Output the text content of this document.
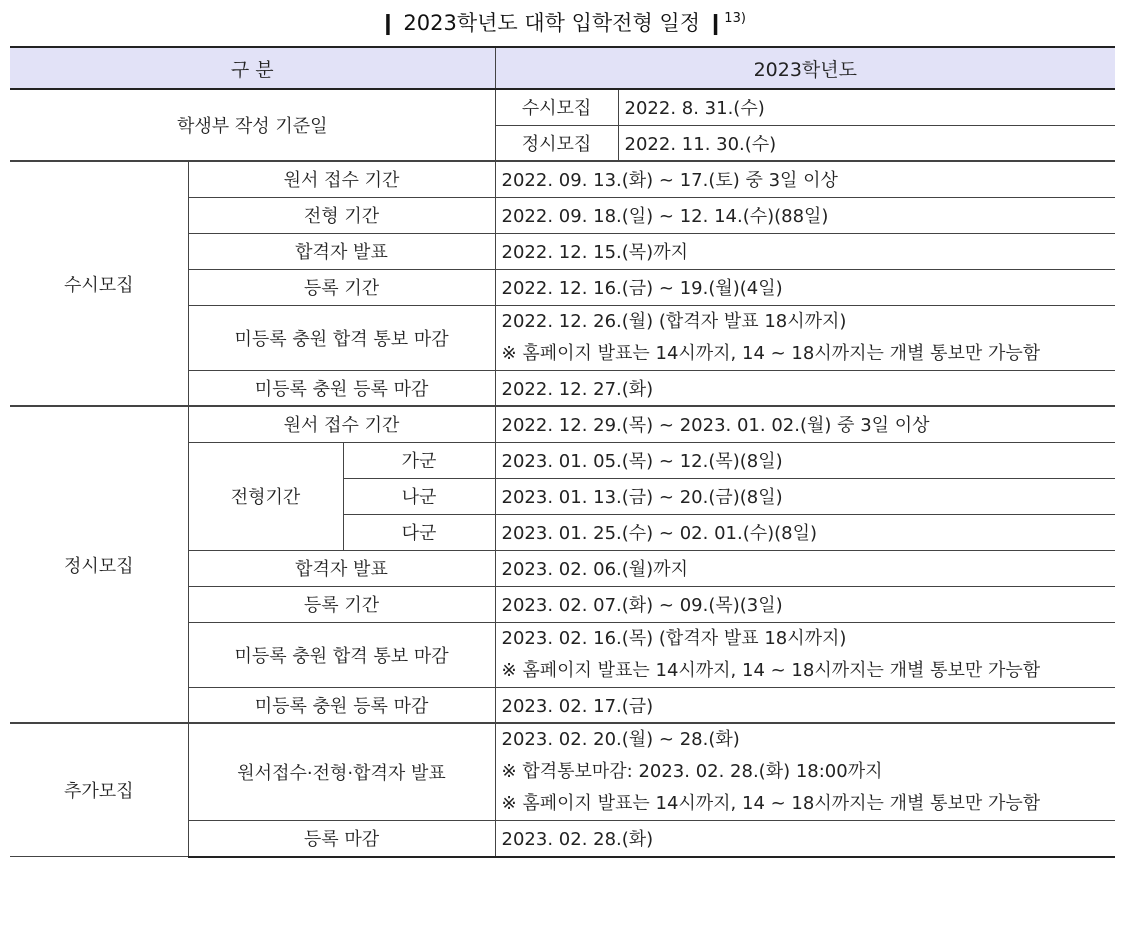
❙ 2023학년도 대학 입학전형 일정 ❙$^{13)}$
구 분			2023학년도	
학생부 작성 기준일			수시모집	2022. 8. 31.(수)
			정시모집	2022. 11. 30.(수)
수시모집	원서 접수 기간		2022. 09. 13.(화) ~ 17.(토) 중 3일 이상	
	전형 기간		2022. 09. 18.(일) ~ 12. 14.(수)(88일)	
	합격자 발표		2022. 12. 15.(목)까지	
	등록 기간		2022. 12. 16.(금) ~ 19.(월)(4일)	
	미등록 충원 합격 통보 마감		2022. 12. 26.(월) (합격자 발표 18시까지)
※ 홈페이지 발표는 14시까지, 14 ~ 18시까지는 개별 통보만 가능함	

	미등록 충원 등록 마감		2022. 12. 27.(화)	
정시모집	원서 접수 기간		2022. 12. 29.(목) ~ 2023. 01. 02.(월) 중 3일 이상	
	전형기간	가군	2023. 01. 05.(목) ~ 12.(목)(8일)	
		나군	2023. 01. 13.(금) ~ 20.(금)(8일)	
		다군	2023. 01. 25.(수) ~ 02. 01.(수)(8일)	
	합격자 발표		2023. 02. 06.(월)까지	
	등록 기간		2023. 02. 07.(화) ~ 09.(목)(3일)	
	미등록 충원 합격 통보 마감		2023. 02. 16.(목) (합격자 발표 18시까지)
※ 홈페이지 발표는 14시까지, 14 ~ 18시까지는 개별 통보만 가능함	

	미등록 충원 등록 마감		2023. 02. 17.(금)	
추가모집	원서접수·전형·합격자 발표		2023. 02. 20.(월) ~ 28.(화)
※ 합격통보마감: 2023. 02. 28.(화) 18:00까지
※ 홈페이지 발표는 14시까지, 14 ~ 18시까지는 개별 통보만 가능함	

	등록 마감		2023. 02. 28.(화)	
